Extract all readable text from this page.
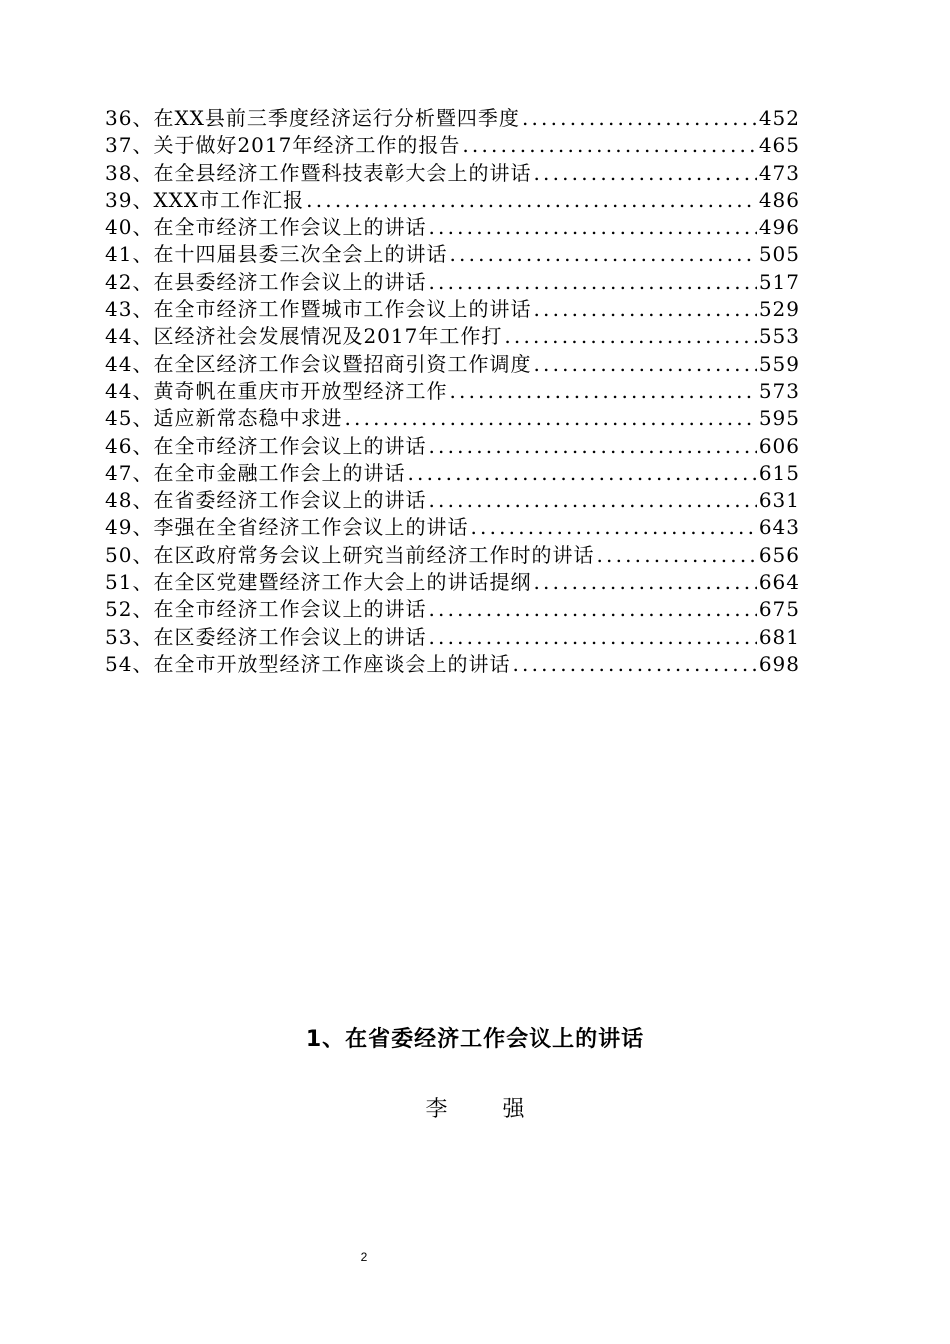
36、在XX县前三季度经济运行分析暨四季度 .....	452
37、关于做好2017年经济工作的报告 .....	465
38、在全县经济工作暨科技表彰大会上的讲话 .....	473
39、XXX市工作汇报 .....	486
40、在全市经济工作会议上的讲话 .....	496
41、在十四届县委三次全会上的讲话 .....	505
42、在县委经济工作会议上的讲话 .....	517
43、在全市经济工作暨城市工作会议上的讲话 .....	529
44、区经济社会发展情况及2017年工作打 .....	553
44、在全区经济工作会议暨招商引资工作调度 .....	559
44、黄奇帆在重庆市开放型经济工作 .....	573
45、适应新常态稳中求进 .....	595
46、在全市经济工作会议上的讲话 .....	606
47、在全市金融工作会上的讲话 .....	615
48、在省委经济工作会议上的讲话 .....	631
49、李强在全省经济工作会议上的讲话 .....	643
50、在区政府常务会议上研究当前经济工作时的讲话 .....	656
51、在全区党建暨经济工作大会上的讲话提纲 .....	664
52、在全市经济工作会议上的讲话 .....	675
53、在区委经济工作会议上的讲话 .....	681
54、在全市开放型经济工作座谈会上的讲话 .....	698
1、在省委经济工作会议上的讲话
李 强
2
